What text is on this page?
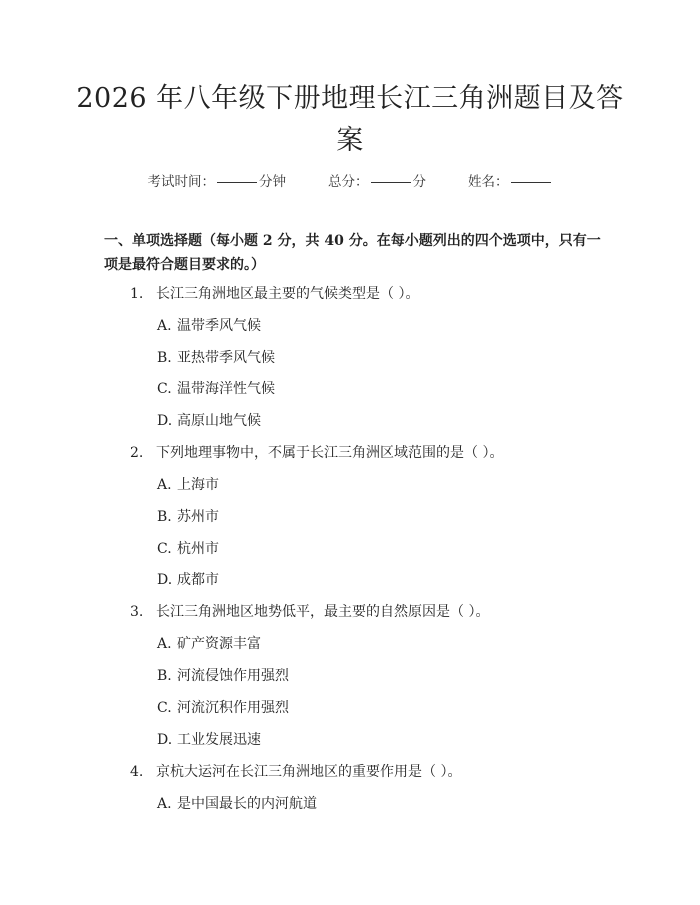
2026 年八年级下册地理长江三角洲题目及答
案
考试时间：	分钟	总分：	分	姓名：
一、单项选择题（每小题 2 分，共 40 分。在每小题列出的四个选项中，只有一项是最符合题目要求的。）
1. 长江三角洲地区最主要的气候类型是（ ）。
A. 温带季风气候
B. 亚热带季风气候
C. 温带海洋性气候
D. 高原山地气候
2. 下列地理事物中，不属于长江三角洲区域范围的是（ ）。
A. 上海市
B. 苏州市
C. 杭州市
D. 成都市
3. 长江三角洲地区地势低平，最主要的自然原因是（ ）。
A. 矿产资源丰富
B. 河流侵蚀作用强烈
C. 河流沉积作用强烈
D. 工业发展迅速
4. 京杭大运河在长江三角洲地区的重要作用是（ ）。
A. 是中国最长的内河航道
